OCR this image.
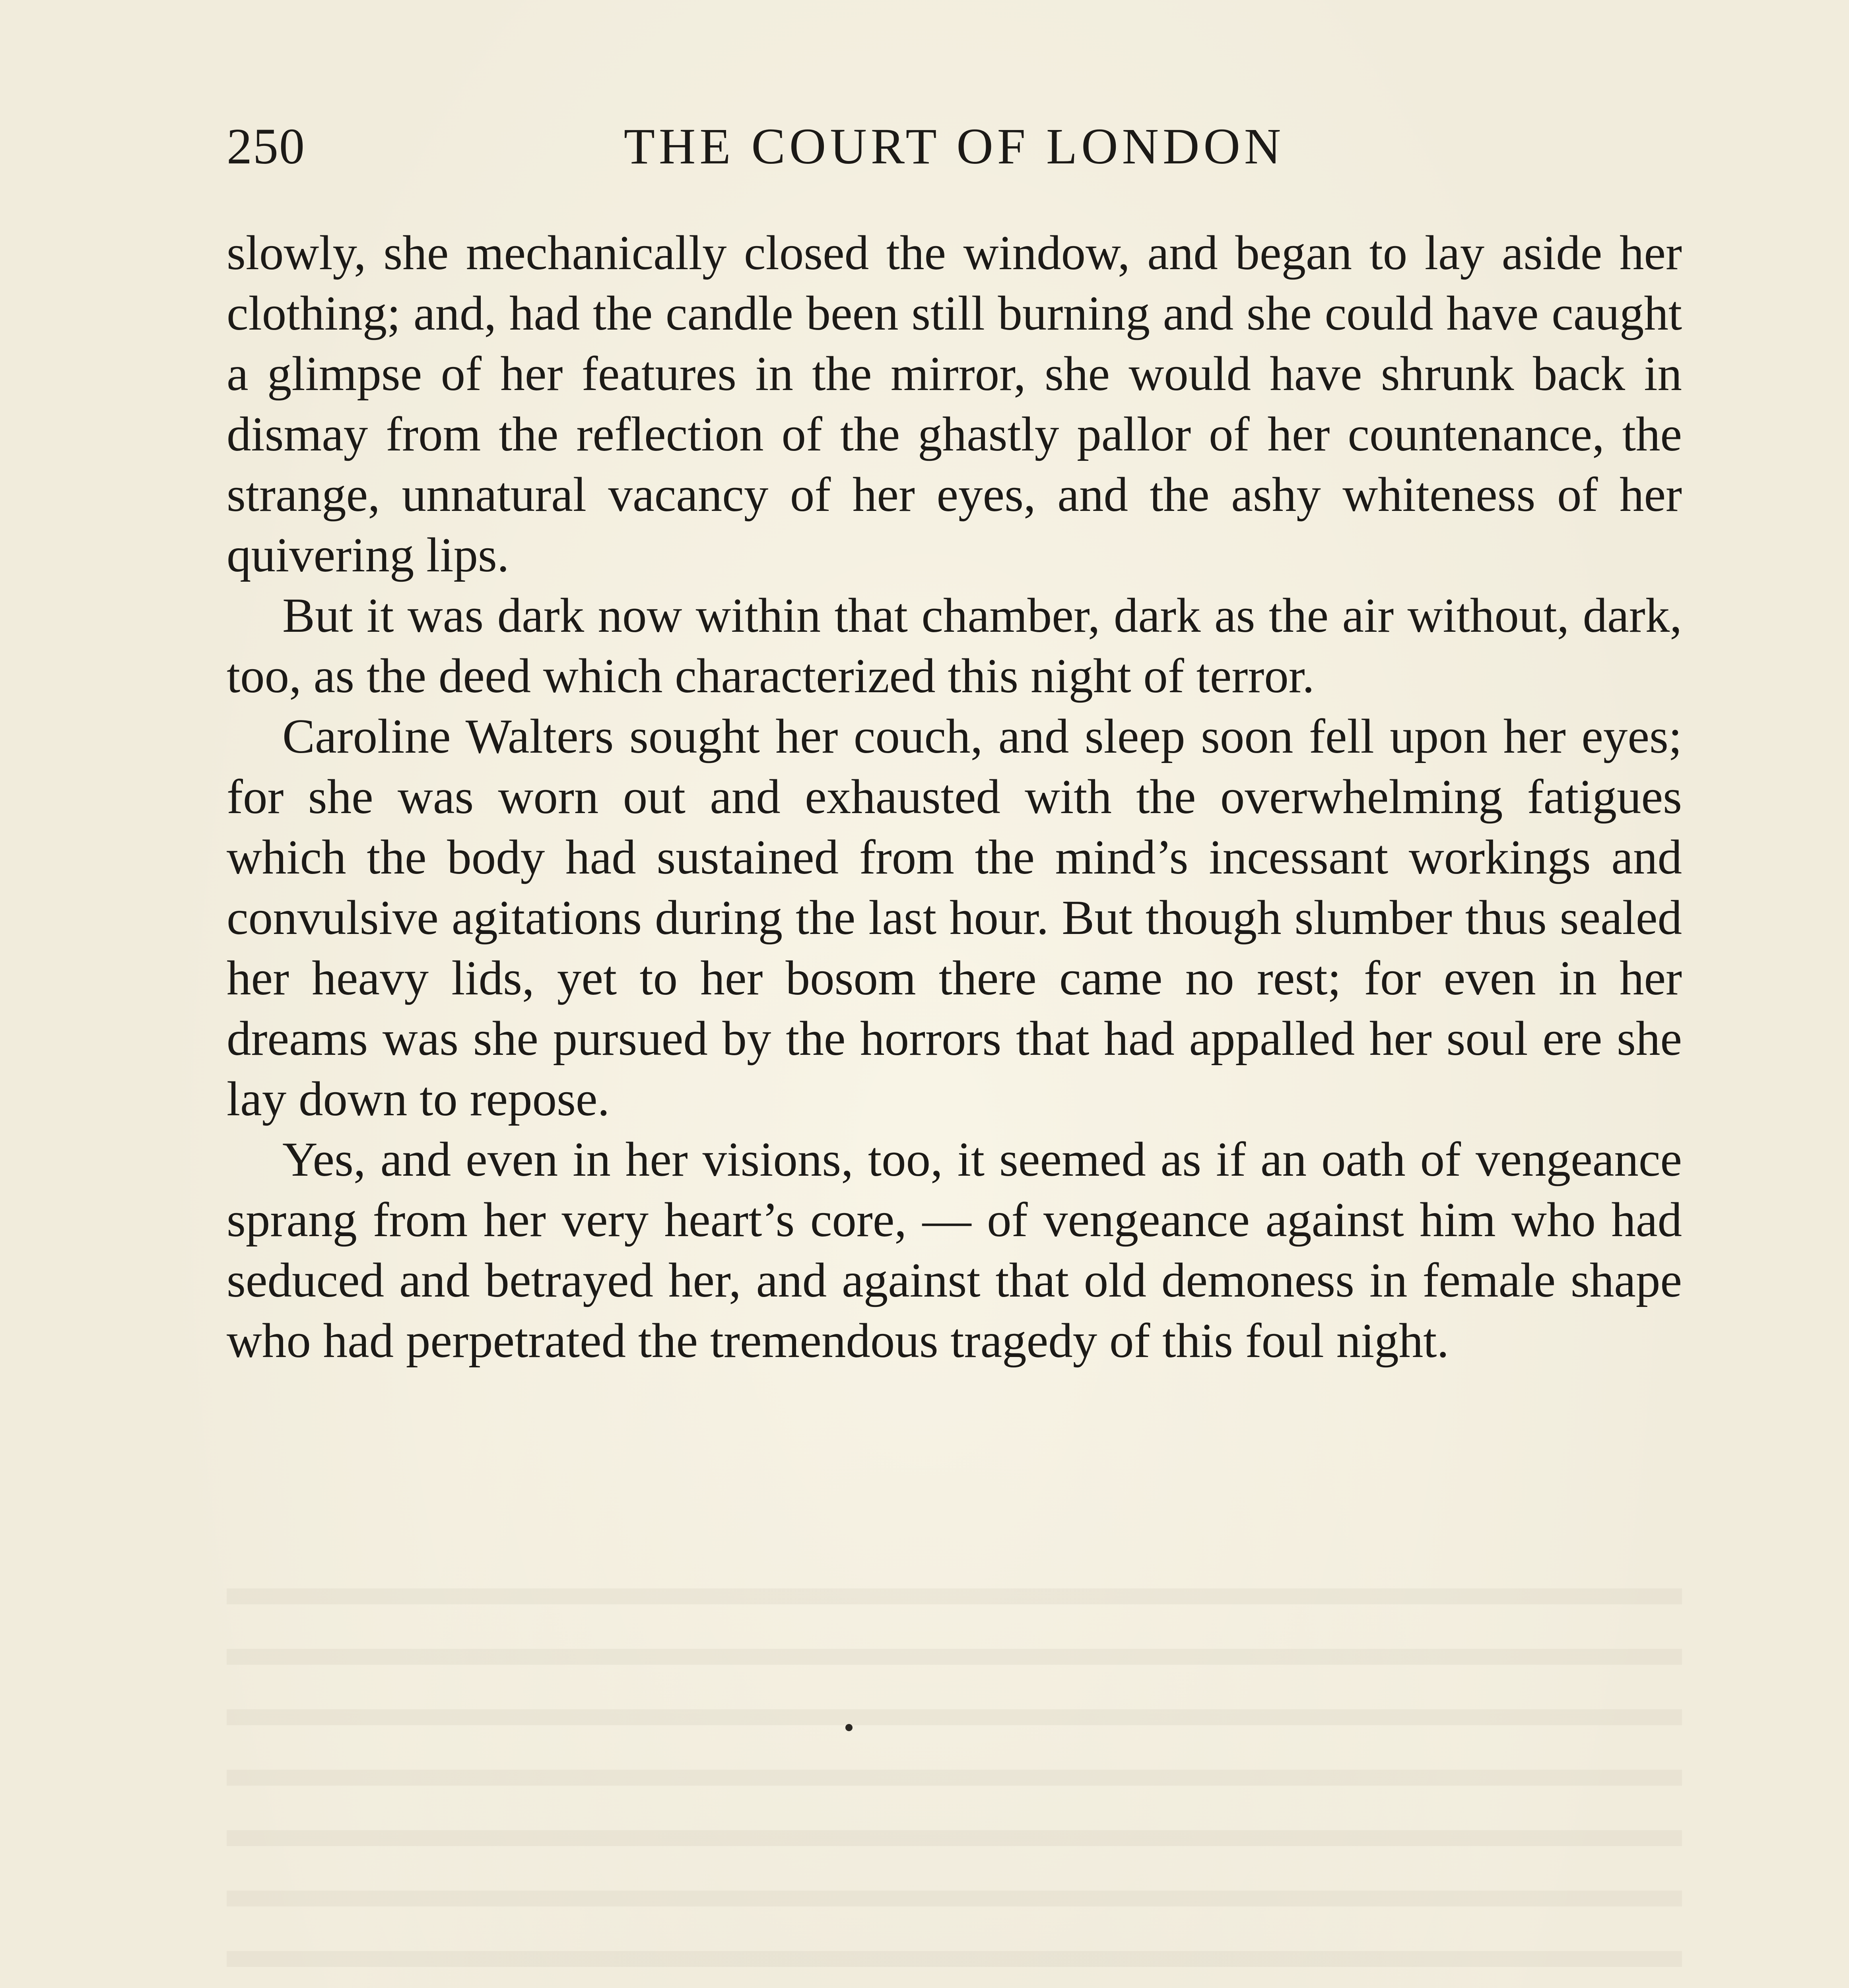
250	THE COURT OF LONDON

slowly, she mechanically closed the window, and began to lay aside her clothing; and, had the candle been still burning and she could have caught a glimpse of her features in the mirror, she would have shrunk back in dismay from the reflection of the ghastly pallor of her countenance, the strange, unnatural vacancy of her eyes, and the ashy whiteness of her quivering lips.

But it was dark now within that chamber, dark as the air without, dark, too, as the deed which characterized this night of terror.

Caroline Walters sought her couch, and sleep soon fell upon her eyes; for she was worn out and exhausted with the overwhelming fatigues which the body had sustained from the mind’s incessant workings and convulsive agitations during the last hour. But though slumber thus sealed her heavy lids, yet to her bosom there came no rest; for even in her dreams was she pursued by the horrors that had appalled her soul ere she lay down to repose.

Yes, and even in her visions, too, it seemed as if an oath of vengeance sprang from her very heart’s core, — of vengeance against him who had seduced and betrayed her, and against that old demoness in female shape who had perpetrated the tremendous tragedy of this foul night.
